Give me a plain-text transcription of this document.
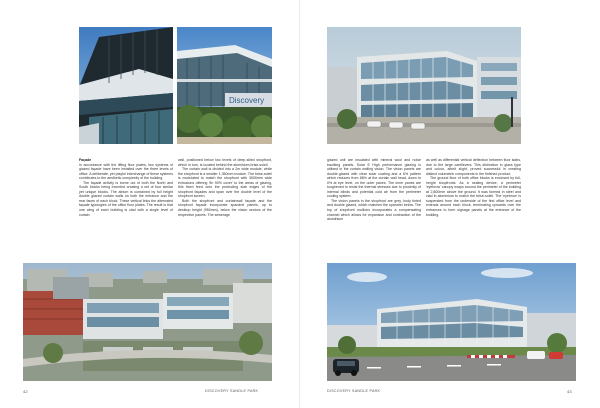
Discovery

Façade

In accordance with the lifting floor plates, two systems of glazed façade have been installed over the three levels of office. A deliberate, yet playful interchange of these systems contributes to the aesthetic complexity of the building.

The façade activity is borne out of both the North and South blocks being invented creating a set of four similar yet unique blocks. The atrium is contained by full height double glazed curtain walls on both the entrance and the rear faces of each block. These vertical links the alternated façade typologies of the office floor plates. The result is that one wing of each building is clad with a single level of curtain

wall, positioned below two levels of deep-silled shopfront, which in turn, is located behind the aluminium brise-soleil.

The curtain wall is divided into a 2m wide module, while the shopfront is a smaller 1,350mm module. The brise-soleil is modulated to match the shopfront with 3000mm wide extrusions offering 'fin 90% cover' to the areas of glazing, this fixed feed onto the protruding slab edges of the shopfront façades and span over the double level of the shopfront screen.

Both the shopfront and curtainwall façade and the shopfront façade incorporate spandrel panels, up to desktop height (950mm), below the vision sectors of the respective panels. The sewerage

42	DISCOVERY SANDLE PARK

glazed unit are insulated with mineral wool and noise baulking panels. Solar E High performance glazing is utilised in the curtain walling vision. The vision panels are double-glazed with clear solar coating and a 6% pattern which reduces from 86% at the curtain wall head, down to 0% at eye level, on the outer panes. The inner panes are toughened to resist the thermal stresses due to proximity of internal blinds and potential cold air from the perimeter cooling system.

The vision panels in the shopfront are grey, body tinted and double glazed, which matches the spandrel below. The top of shopfront mullions incorporates a compensating channel which allows for expansion and contraction of the aluminium

as well as differential vertical deflection between floor slabs, due to the large cantilevers. This distinction in glass type and colour, albeit slight, proved successful in creating distinct volumetric components in the finished product.

The ground floor of both office blocks is enclosed by full-height shopfronts. As a sealing device, a perimeter 'eyebrow' canopy wraps around the perimeter of the building at 2,800mm above the ground. It was formed in steel and clad in aluminium to match the brise-soleil. The 'eyebrow' is suspended from the underside of the first office level and extends around each block, terminating upwards over the entrances to form signage panels at the entrance of the building.

DISCOVERY SANDLE PARK	43
